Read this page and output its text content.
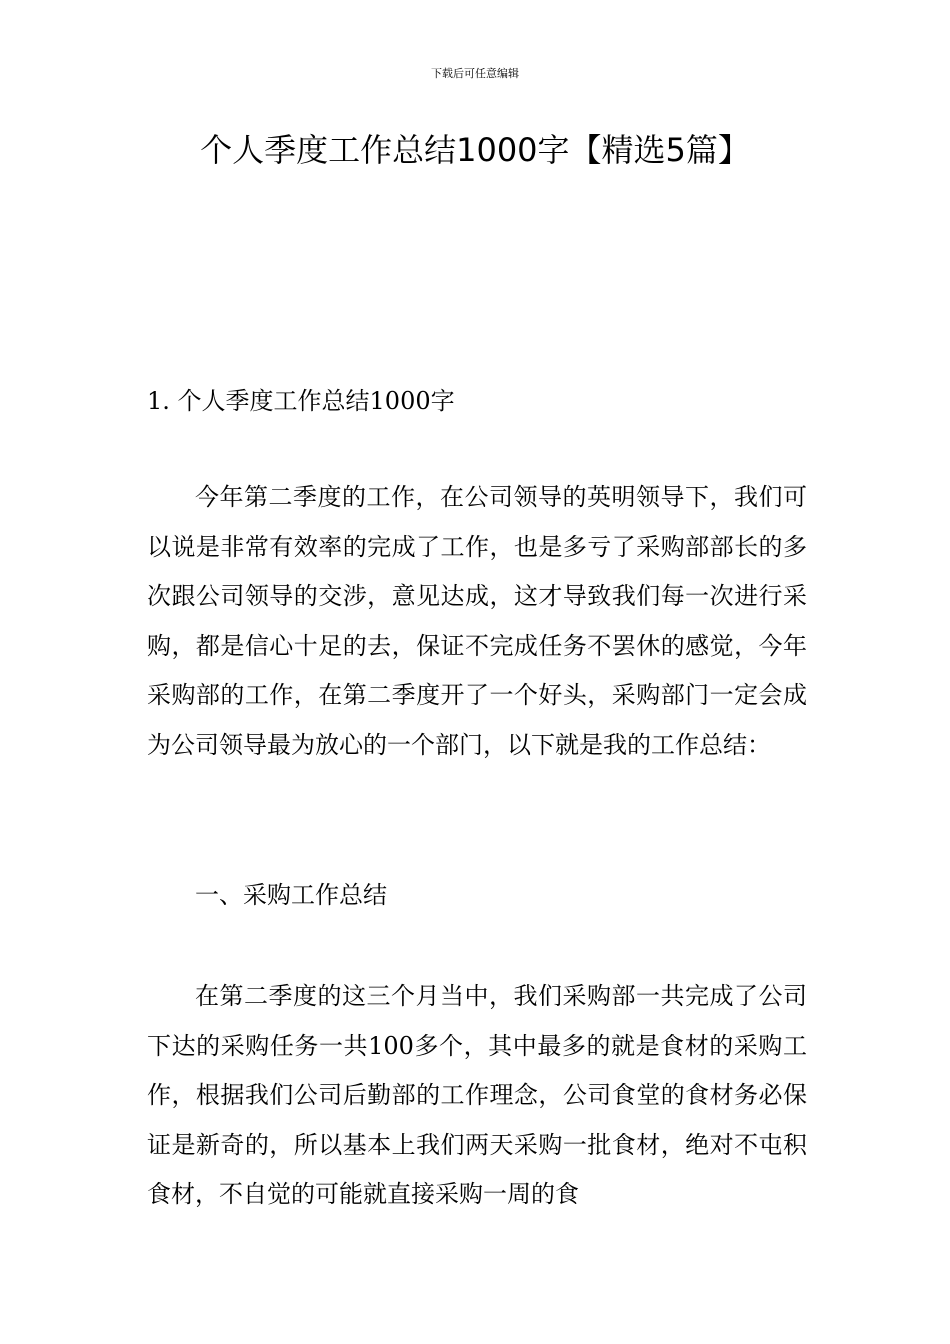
下载后可任意编辑
个人季度工作总结1000字【精选5篇】

1. 个人季度工作总结1000字

今年第二季度的工作，在公司领导的英明领导下，我们可以说是非常有效率的完成了工作，也是多亏了采购部部长的多次跟公司领导的交涉，意见达成，这才导致我们每一次进行采购，都是信心十足的去，保证不完成任务不罢休的感觉，今年采购部的工作，在第二季度开了一个好头，采购部门一定会成为公司领导最为放心的一个部门，以下就是我的工作总结：

一、采购工作总结

在第二季度的这三个月当中，我们采购部一共完成了公司下达的采购任务一共100多个，其中最多的就是食材的采购工作，根据我们公司后勤部的工作理念，公司食堂的食材务必保证是新奇的，所以基本上我们两天采购一批食材，绝对不屯积食材，不自觉的可能就直接采购一周的食
